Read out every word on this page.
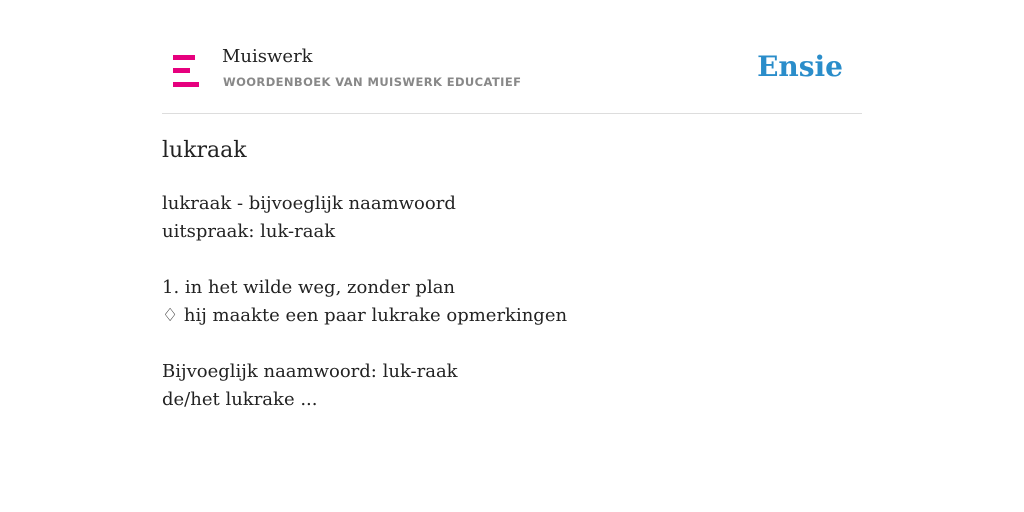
Muiswerk
WOORDENBOEK VAN MUISWERK EDUCATIEF	Ensie
lukraak
lukraak - bijvoeglijk naamwoord
uitspraak: luk-raak
1. in het wilde weg, zonder plan
♢ hij maakte een paar lukrake opmerkingen
Bijvoeglijk naamwoord: luk-raak
de/het lukrake ...
